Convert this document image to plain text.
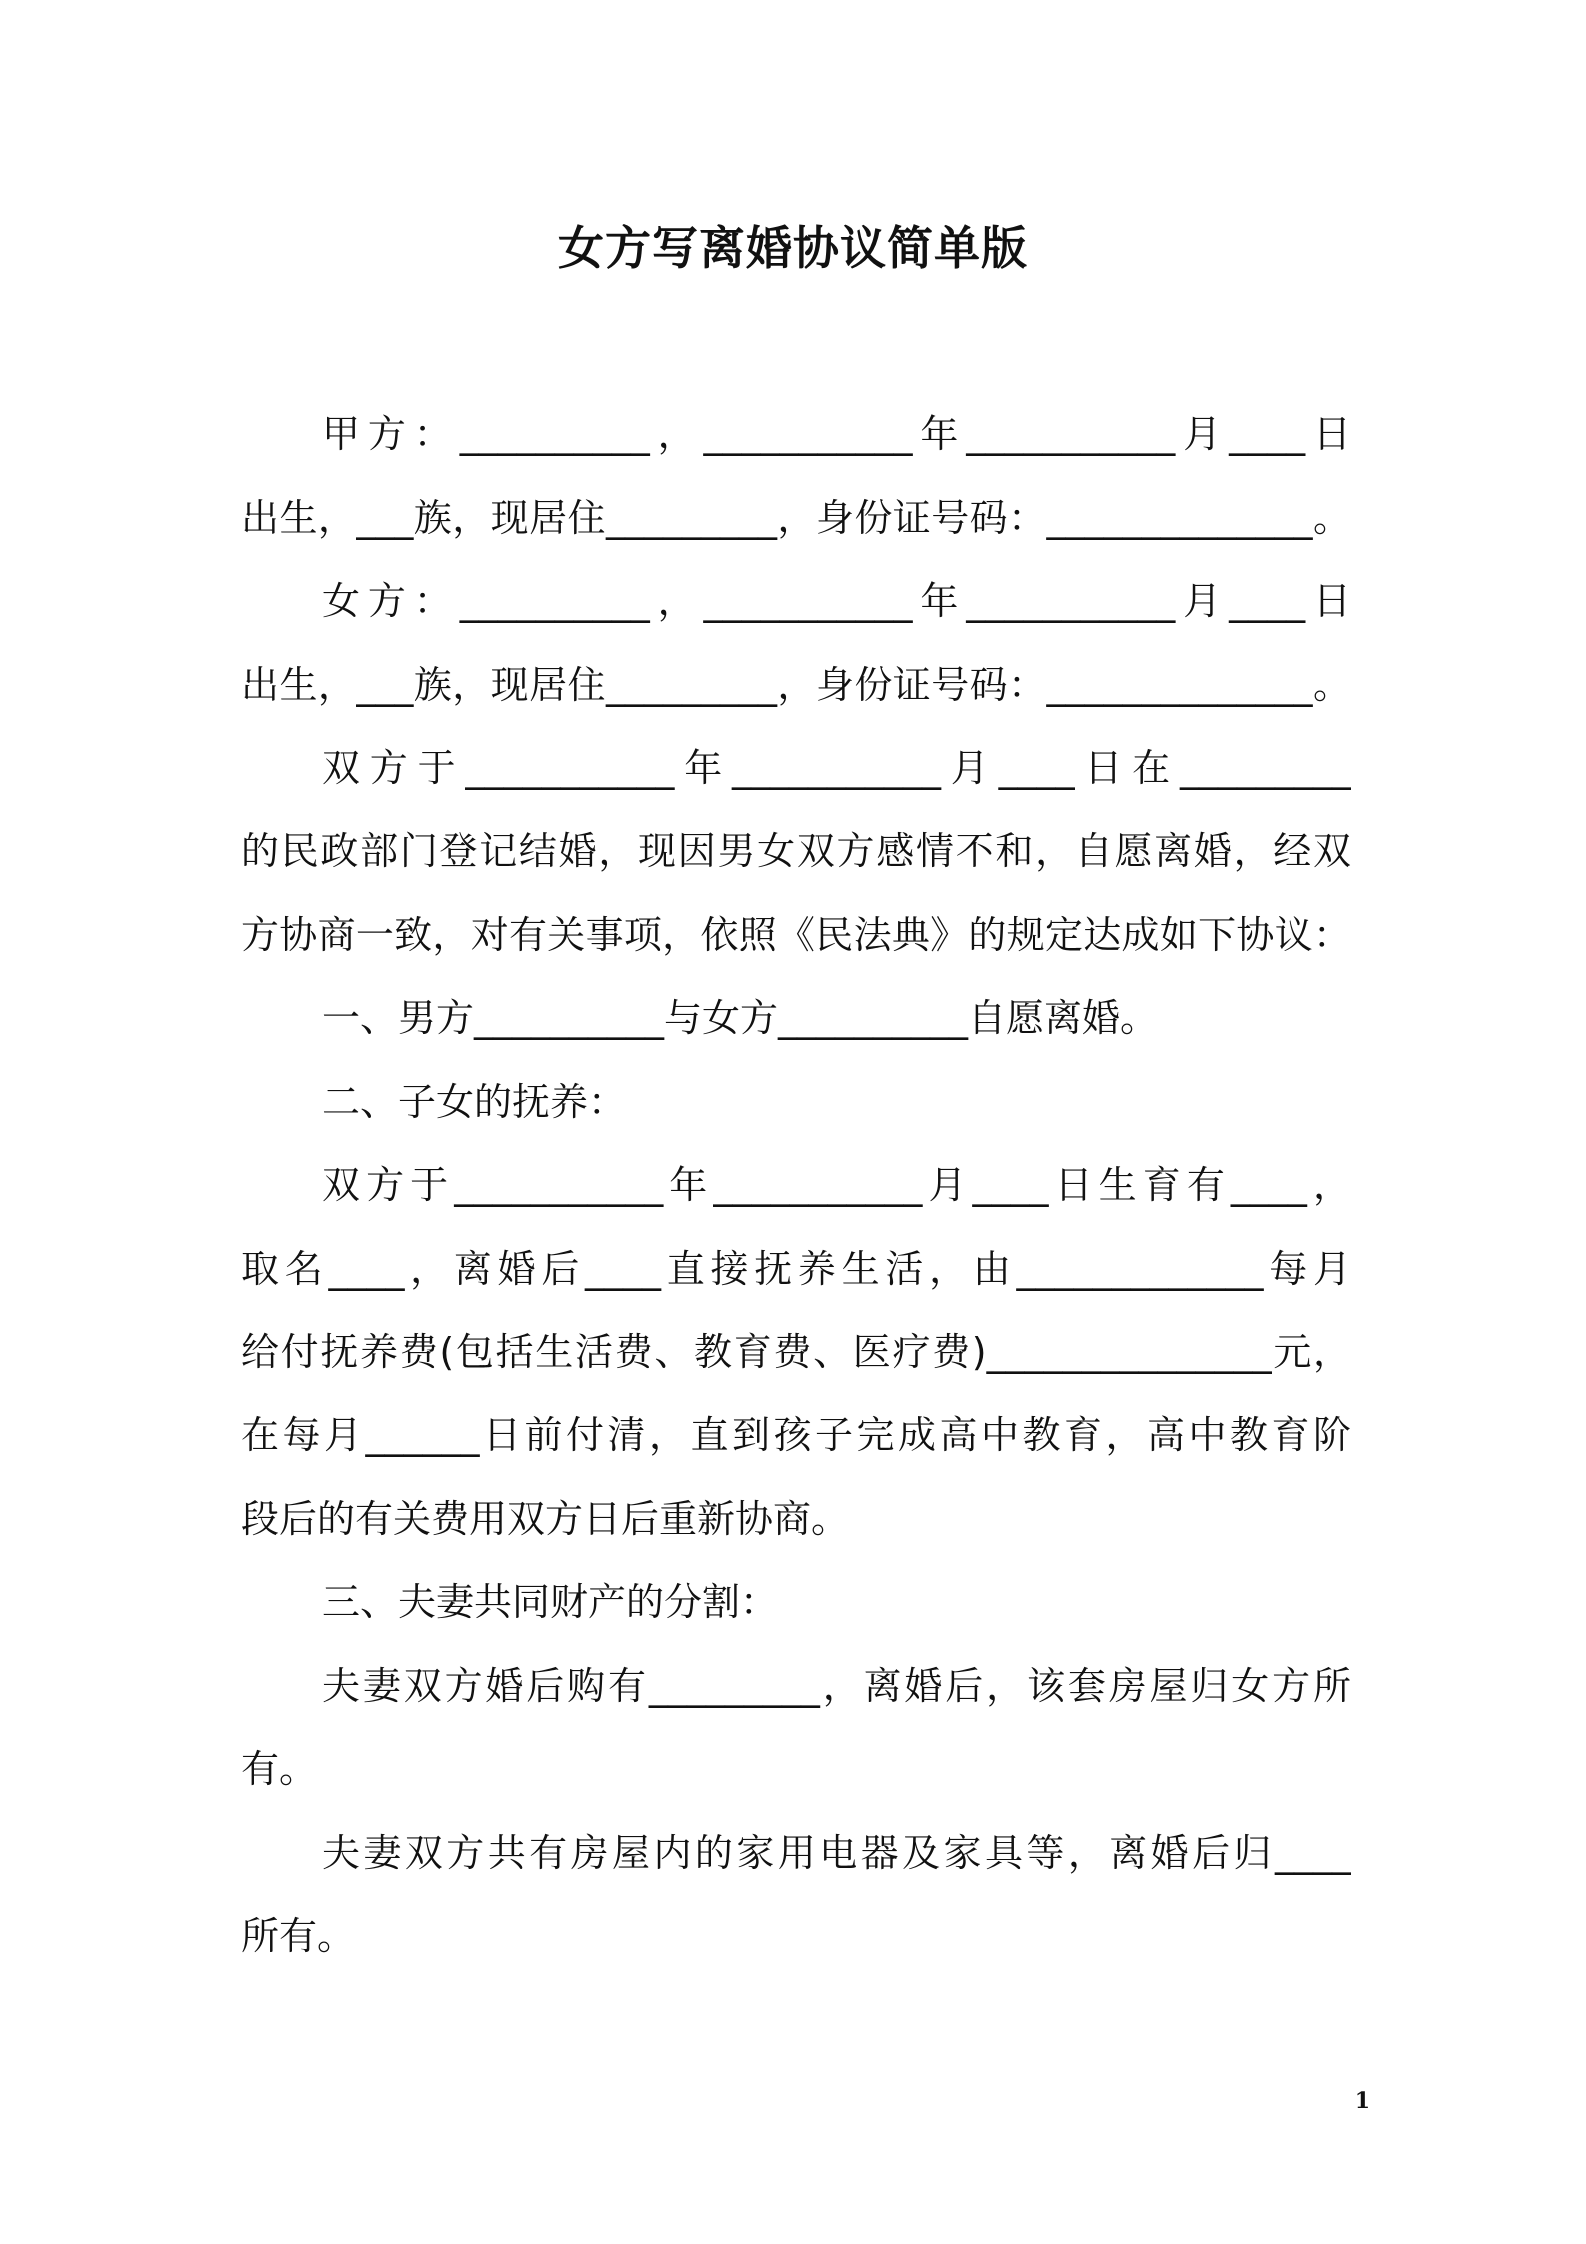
女方写离婚协议简单版
甲方：__________，___________年___________月____日
出生，___族，现居住_________，身份证号码：______________。
女方：__________，___________年___________月____日
出生，___族，现居住_________，身份证号码：______________。
双方于___________年___________月____日在_________
的民政部门登记结婚，现因男女双方感情不和，自愿离婚，经双
方协商一致，对有关事项，依照《民法典》的规定达成如下协议：
一、男方__________与女方__________自愿离婚。
二、子女的抚养：
双方于___________年___________月____日生育有____，
取名____，离婚后____直接抚养生活，由_____________每月
给付抚养费(包括生活费、教育费、医疗费)_______________元，
在每月______日前付清，直到孩子完成高中教育，高中教育阶
段后的有关费用双方日后重新协商。
三、夫妻共同财产的分割：
夫妻双方婚后购有_________，离婚后，该套房屋归女方所
有。
夫妻双方共有房屋内的家用电器及家具等，离婚后归____
所有。
1
